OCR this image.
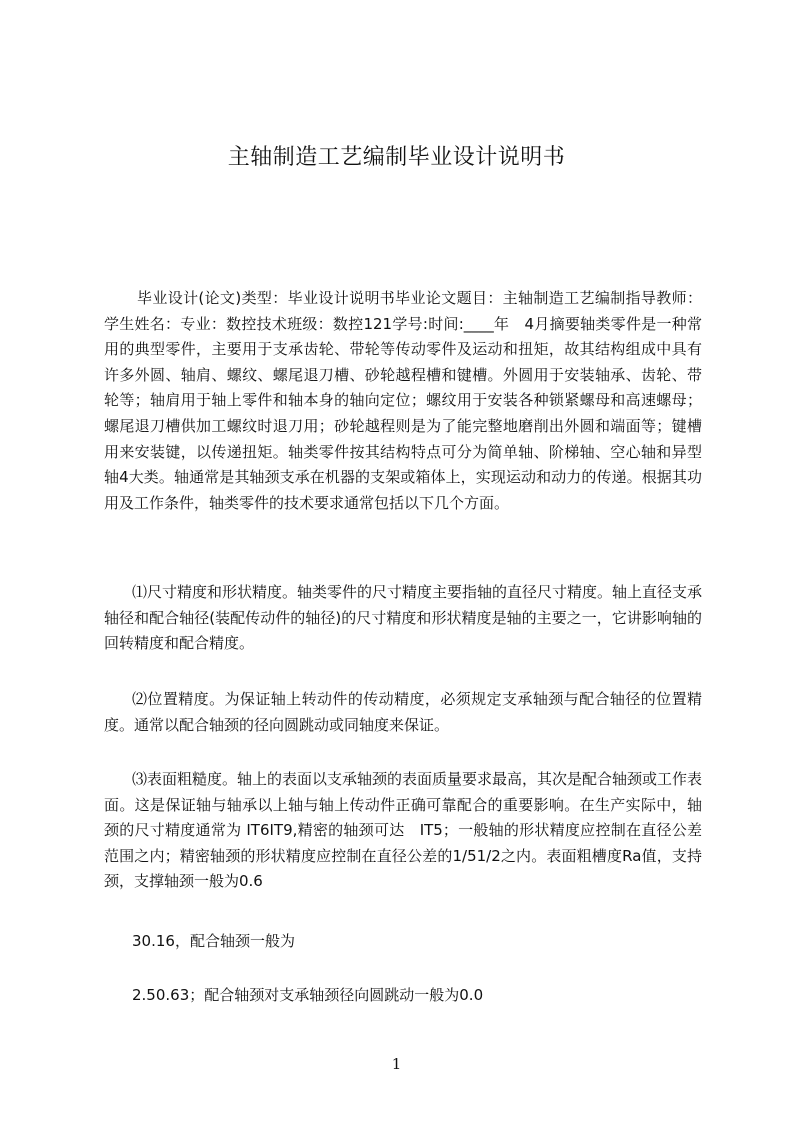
主轴制造工艺编制毕业设计说明书
毕业设计(论文)类型：毕业设计说明书毕业论文题目：主轴制造工艺编制指导教师：学生姓名：专业：数控技术班级：数控121学号:时间:____年　4月摘要轴类零件是一种常用的典型零件，主要用于支承齿轮、带轮等传动零件及运动和扭矩，故其结构组成中具有许多外圆、轴肩、螺纹、螺尾退刀槽、砂轮越程槽和键槽。外圆用于安装轴承、齿轮、带轮等；轴肩用于轴上零件和轴本身的轴向定位；螺纹用于安装各种锁紧螺母和高速螺母；螺尾退刀槽供加工螺纹时退刀用；砂轮越程则是为了能完整地磨削出外圆和端面等；键槽用来安装键，以传递扭矩。轴类零件按其结构特点可分为简单轴、阶梯轴、空心轴和异型轴4大类。轴通常是其轴颈支承在机器的支架或箱体上，实现运动和动力的传递。根据其功用及工作条件，轴类零件的技术要求通常包括以下几个方面。
⑴尺寸精度和形状精度。轴类零件的尺寸精度主要指轴的直径尺寸精度。轴上直径支承轴径和配合轴径(装配传动件的轴径)的尺寸精度和形状精度是轴的主要之一，它讲影响轴的回转精度和配合精度。
⑵位置精度。为保证轴上转动件的传动精度，必须规定支承轴颈与配合轴径的位置精度。通常以配合轴颈的径向圆跳动或同轴度来保证。
⑶表面粗糙度。轴上的表面以支承轴颈的表面质量要求最高，其次是配合轴颈或工作表面。这是保证轴与轴承以上轴与轴上传动件正确可靠配合的重要影响。在生产实际中，轴颈的尺寸精度通常为 IT6IT9,精密的轴颈可达　IT5；一般轴的形状精度应控制在直径公差范围之内；精密轴颈的形状精度应控制在直径公差的1/51/2之内。表面粗槽度Ra值，支持颈，支撑轴颈一般为0.6
30.16，配合轴颈一般为
2.50.63；配合轴颈对支承轴颈径向圆跳动一般为0.0
1
